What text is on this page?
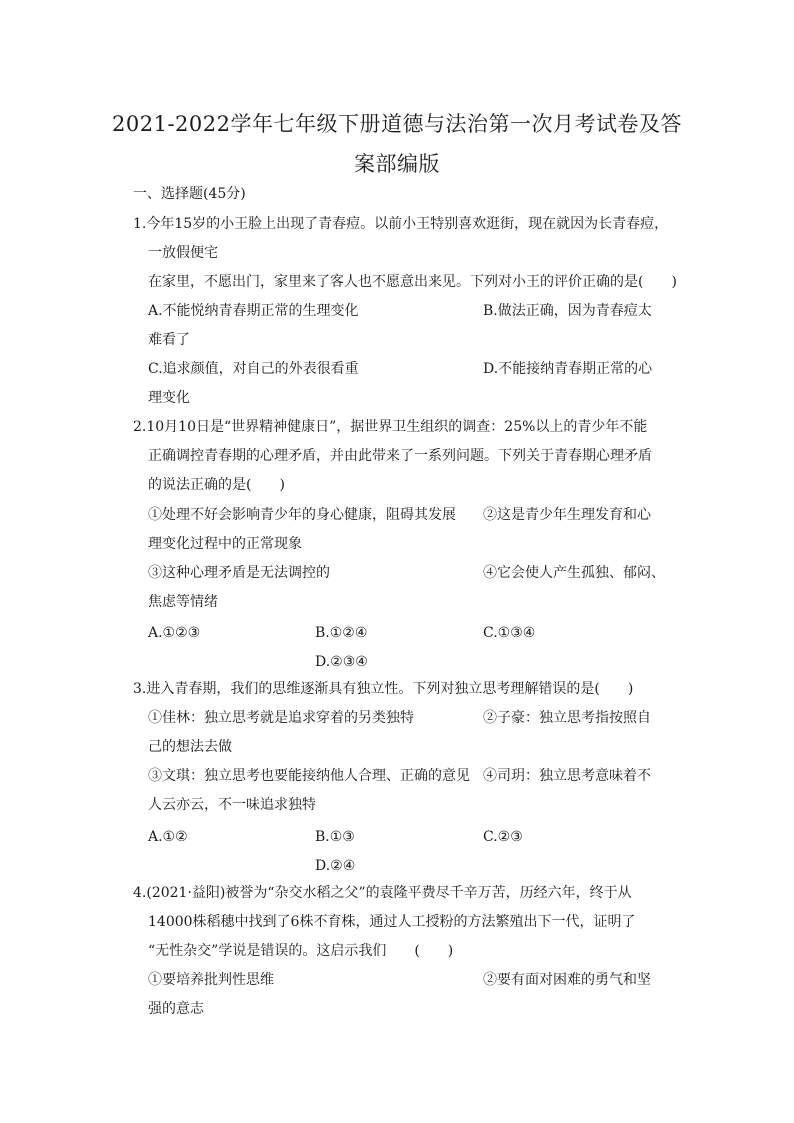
2021-2022学年七年级下册道德与法治第一次月考试卷及答
案部编版
一、选择题(45分)
1.今年15岁的小王脸上出现了青春痘。以前小王特别喜欢逛街，现在就因为长青春痘，
一放假便宅
在家里，不愿出门，家里来了客人也不愿意出来见。下列对小王的评价正确的是(　　)
A.不能悦纳青春期正常的生理变化	B.做法正确，因为青春痘太
难看了
C.追求颜值，对自己的外表很看重	D.不能接纳青春期正常的心
理变化
2.10月10日是“世界精神健康日”，据世界卫生组织的调查：25%以上的青少年不能
正确调控青春期的心理矛盾，并由此带来了一系列问题。下列关于青春期心理矛盾
的说法正确的是(　　)
①处理不好会影响青少年的身心健康，阻碍其发展 ②这是青少年生理发育和心
理变化过程中的正常现象
③这种心理矛盾是无法调控的	④它会使人产生孤独、郁闷、
焦虑等情绪
A.①②③	B.①②④	C.①③④
D.②③④
3.进入青春期，我们的思维逐渐具有独立性。下列对独立思考理解错误的是(　　)
①佳林：独立思考就是追求穿着的另类独特	②子豪：独立思考指按照自
己的想法去做
③文琪：独立思考也要能接纳他人合理、正确的意见 ④司玥：独立思考意味着不
人云亦云，不一味追求独特
A.①②	B.①③	C.②③
D.②④
4.(2021·益阳)被誉为“杂交水稻之父”的袁隆平费尽千辛万苦，历经六年，终于从
14000株稻穗中找到了6株不育株，通过人工授粉的方法繁殖出下一代，证明了
“无性杂交”学说是错误的。这启示我们　　(　　)
①要培养批判性思维	②要有面对困难的勇气和坚
强的意志
